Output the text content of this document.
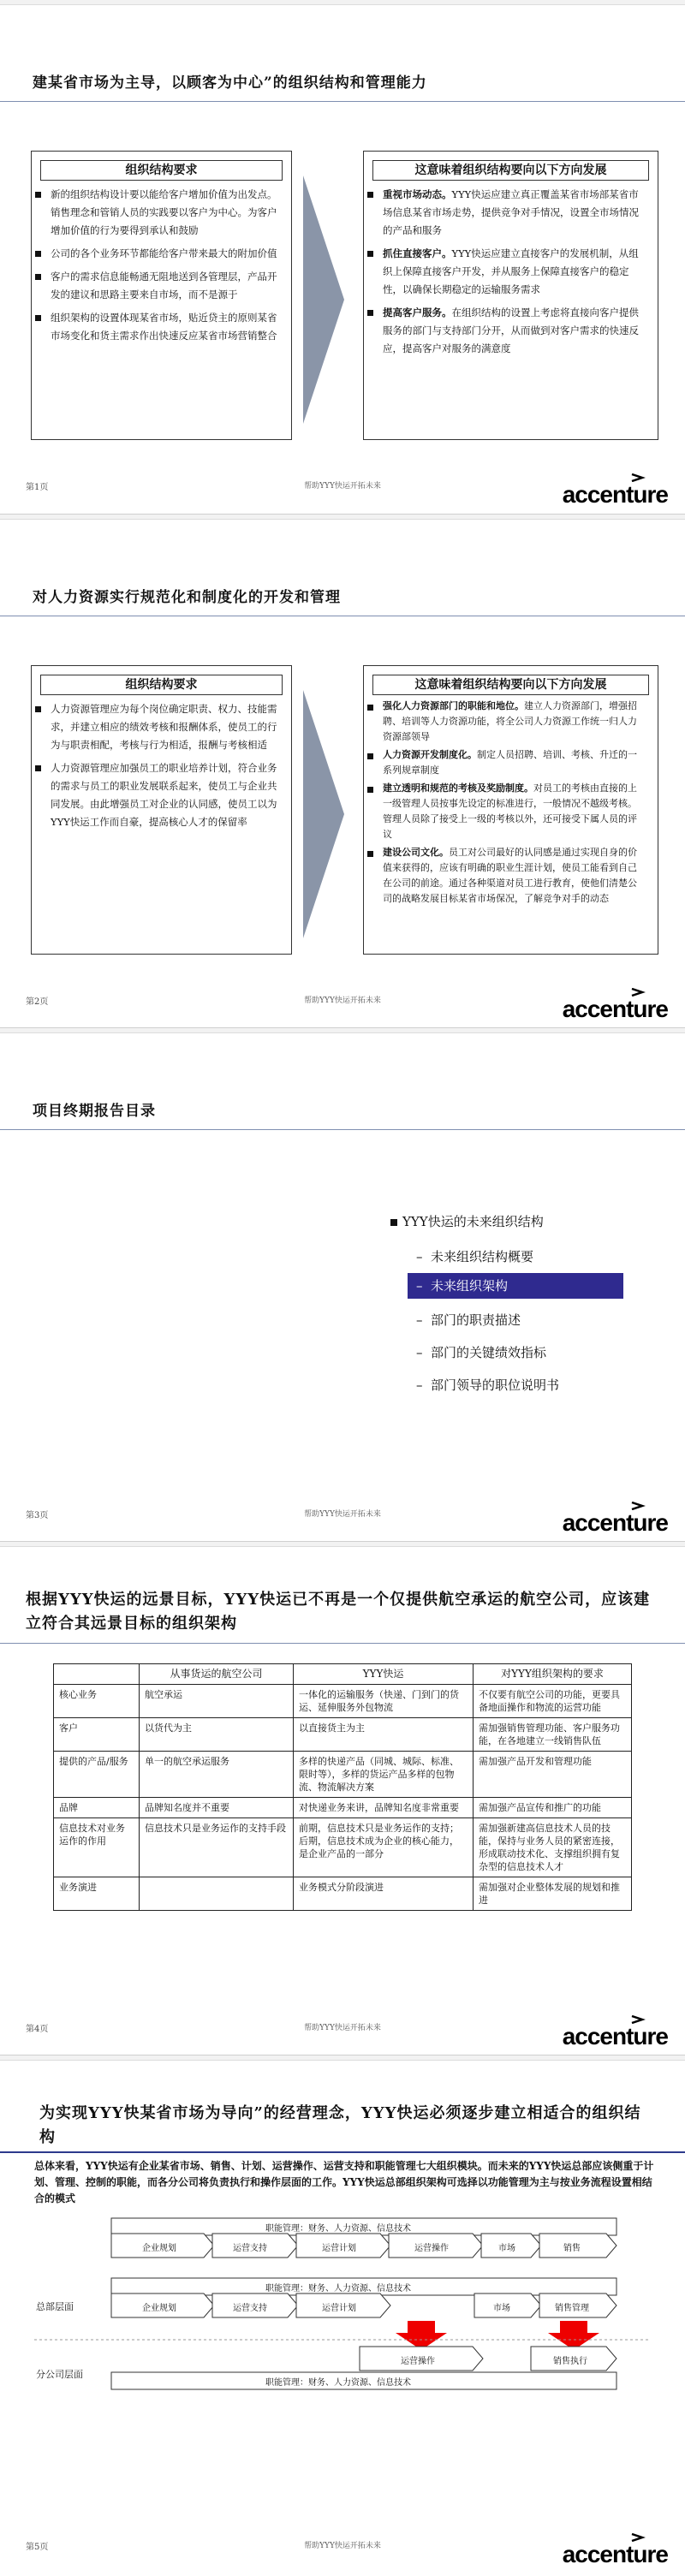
建某省市场为主导，以顾客为中心”的组织结构和管理能力
组织结构要求
新的组织结构设计要以能给客户增加价值为出发点。销售理念和管销人员的实践要以客户为中心。为客户增加价值的行为要得到承认和鼓励
公司的各个业务环节都能给客户带来最大的附加价值
客户的需求信息能畅通无阻地送到各管理层，产品开发的建议和思路主要来自市场，而不是源于
组织架构的设置体现某省市场，贴近贷主的原则某省市场变化和货主需求作出快速反应某省市场营销整合
这意味着组织结构要向以下方向发展
重视市场动态。YYY快运应建立真正覆盖某省市场部某省市场信息某省市场走势，提供竞争对手情况，设置全市场情况的产品和服务
抓住直接客户。YYY快运应建立直接客户的发展机制，从组织上保障直接客户开发，并从服务上保障直接客户的稳定性，以确保长期稳定的运输服务需求
提高客户服务。在组织结构的设置上考虑将直接向客户提供服务的部门与支持部门分开，从而做到对客户需求的快速反应，提高客户对服务的满意度
第1页	帮助YYY快运开拓未来	accenture
对人力资源实行规范化和制度化的开发和管理
组织结构要求
人力资源管理应为每个岗位确定职责、权力、技能需求，并建立相应的绩效考核和报酬体系，使员工的行为与职责相配，考核与行为相适，报酬与考核相适
人力资源管理应加强员工的职业培养计划，符合业务的需求与员工的职业发展联系起来，使员工与企业共同发展。由此增强员工对企业的认同感，使员工以为YYY快运工作而自豪，提高核心人才的保留率
这意味着组织结构要向以下方向发展
强化人力资源部门的职能和地位。建立人力资源部门，增强招聘、培训等人力资源功能，将全公司人力资源工作统一归人力资源部领导
人力资源开发制度化。制定人员招聘、培训、考核、升迁的一系列规章制度
建立透明和规范的考核及奖励制度。对员工的考核由直接的上一级管理人员按事先设定的标准进行，一般情况不越级考核。管理人员除了接受上一级的考核以外，还可接受下属人员的评议
建设公司文化。员工对公司最好的认同感是通过实现自身的价值来获得的，应该有明确的职业生涯计划，使员工能看到自己在公司的前途。通过各种渠道对员工进行教育，使他们清楚公司的战略发展目标某省市场保况，了解竞争对手的动态
第2页	帮助YYY快运开拓未来	accenture
项目终期报告目录
YYY快运的未来组织结构
–  未来组织结构概要
–  未来组织架构
–  部门的职责描述
–  部门的关键绩效指标
–  部门领导的职位说明书
第3页	帮助YYY快运开拓未来	accenture
根据YYY快运的远景目标，YYY快运已不再是一个仅提供航空承运的航空公司，应该建立符合其远景目标的组织架构
	从事货运的航空公司	YYY快运	对YYY组织架构的要求
核心业务	航空承运	一体化的运输服务（快递、门到门的货运、延伸服务外包物流	不仅要有航空公司的功能，更要具备地面操作和物流的运营功能
客户	以货代为主	以直接货主为主	需加强销售管理功能、客户服务功能，在各地建立一线销售队伍
提供的产品/服务	单一的航空承运服务	多样的快递产品（同城、城际、标准、限时等），多样的货运产品多样的包物流、物流解决方案	需加强产品开发和管理功能
品牌	品牌知名度并不重要	对快递业务来讲，品牌知名度非常重要	需加强产品宣传和推广的功能
信息技术对业务运作的作用	信息技术只是业务运作的支持手段	前期，信息技术只是业务运作的支持；后期，信息技术成为企业的核心能力，是企业产品的一部分	需加强新建高信息技术人员的技能，保持与业务人员的紧密连接，形成联动技术化、支撑组织拥有复杂型的信息技术人才
业务演进		业务模式分阶段演进	需加强对企业整体发展的规划和推进
第4页	帮助YYY快运开拓未来	accenture
为实现YYY快某省市场为导向”的经营理念，YYY快运必须逐步建立相适合的组织结构
总体来看，YYY快运有企业某省市场、销售、计划、运营操作、运营支持和职能管理七大组织模块。而未来的YYY快运总部应该侧重于计划、管理、控制的职能，而各分公司将负责执行和操作层面的工作。YYY快运总部组织架构可选择以功能管理为主与按业务流程设置相结合的模式
职能管理：财务、人力资源、信息技术
企业规划	运营支持	运营计划	运营操作	市场	销售
职能管理：财务、人力资源、信息技术
总部层面	企业规划	运营支持	运营计划	市场	销售管理
分公司层面
运营操作	销售执行
职能管理：财务、人力资源、信息技术
第5页	帮助YYY快运开拓未来	accenture
